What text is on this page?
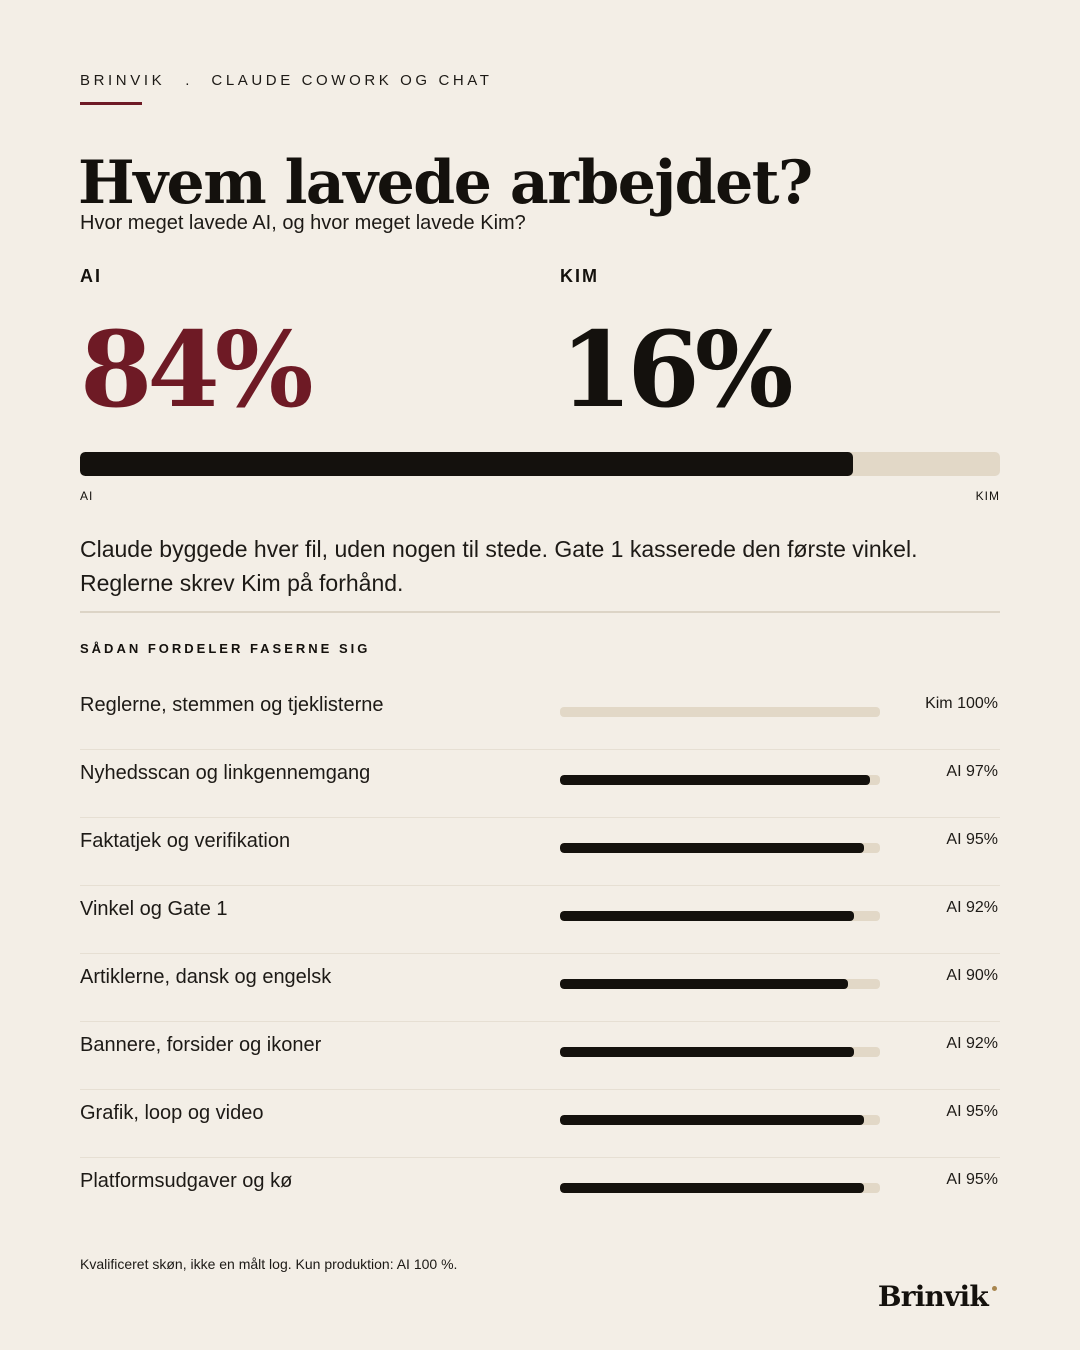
BRINVIK . CLAUDE COWORK OG CHAT
Hvem lavede arbejdet?
Hvor meget lavede AI, og hvor meget lavede Kim?
AI	KIM
84% 16%
AI	KIM
Claude byggede hver fil, uden nogen til stede. Gate 1 kasserede den første vinkel. Reglerne skrev Kim på forhånd.
SÅDAN FORDELER FASERNE SIG
Reglerne, stemmen og tjeklisterne	Kim 100%
Nyhedsscan og linkgennemgang	AI 97%
Faktatjek og verifikation	AI 95%
Vinkel og Gate 1	AI 92%
Artiklerne, dansk og engelsk	AI 90%
Bannere, forsider og ikoner	AI 92%
Grafik, loop og video	AI 95%
Platformsudgaver og kø	AI 95%
Kvalificeret skøn, ikke en målt log. Kun produktion: AI 100 %.
Brinvik
